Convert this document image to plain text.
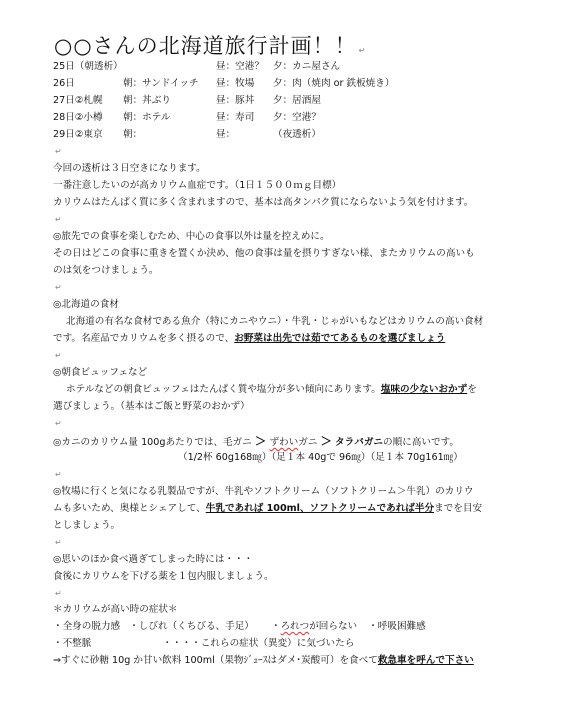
○○さんの北海道旅行計画！！ ↵
25日（朝透析）	昼：空港？ 夕：カニ屋さん
26日	朝：サンドイッチ 昼：牧場 夕：肉（焼肉 or 鉄板焼き）
27日②札幌 朝：丼ぶり	昼：豚丼 夕：居酒屋
28日②小樽 朝：ホテル	昼：寿司 夕：空港？
29日②東京 朝：	昼：	（夜透析）
↵
今回の透析は３日空きになります。
一番注意したいのが高カリウム血症です。（1日１５００ｍｇ目標）
カリウムはたんぱく質に多く含まれますので、基本は高タンパク質にならないよう気を付けます。
↵
◎旅先での食事を楽しむため、中心の食事以外は量を控えめに。
その日はどこの食事に重きを置くか決め、他の食事は量を摂りすぎない様、またカリウムの高いも
のは気をつけましょう。
↵
◎北海道の食材
北海道の有名な食材である魚介（特にカニやウニ）・牛乳・じゃがいもなどはカリウムの高い食材
です。名産品でカリウムを多く摂るので、お野菜は出先では茹でてあるものを選びましょう
↵
◎朝食ビュッフェなど
ホテルなどの朝食ビュッフェはたんぱく質や塩分が多い傾向にあります。塩味の少ないおかずを
選びましょう。（基本はご飯と野菜のおかず）
↵
◎カニのカリウム量 100gあたりでは、毛ガニ ＞ ずわいガニ ＞ タラバガニの順に高いです。
（1/2杯 60g168㎎）（足１本 40gで 96㎎）（足１本 70g161㎎）
↵
◎牧場に行くと気になる乳製品ですが、牛乳やソフトクリーム（ソフトクリーム＞牛乳）のカリウ
ムも多いため、奥様とシェアして、牛乳であれば 100ml、ソフトクリームであれば半分までを目安
としましょう。
↵
◎思いのほか食べ過ぎてしまった時には・・・
食後にカリウムを下げる薬を１包内服しましょう。
↵
＊カリウムが高い時の症状＊
・全身の脱力感 ・しびれ（くちびる、手足） ・ろれつが回らない ・呼吸困難感
・不整脈	・・・・これらの症状（異変）に気づいたら
⇒すぐに砂糖 10g か甘い飲料 100ml（果物ｼﾞｭｰｽはダメ･炭酸可）を食べて救急車を呼んで下さい
